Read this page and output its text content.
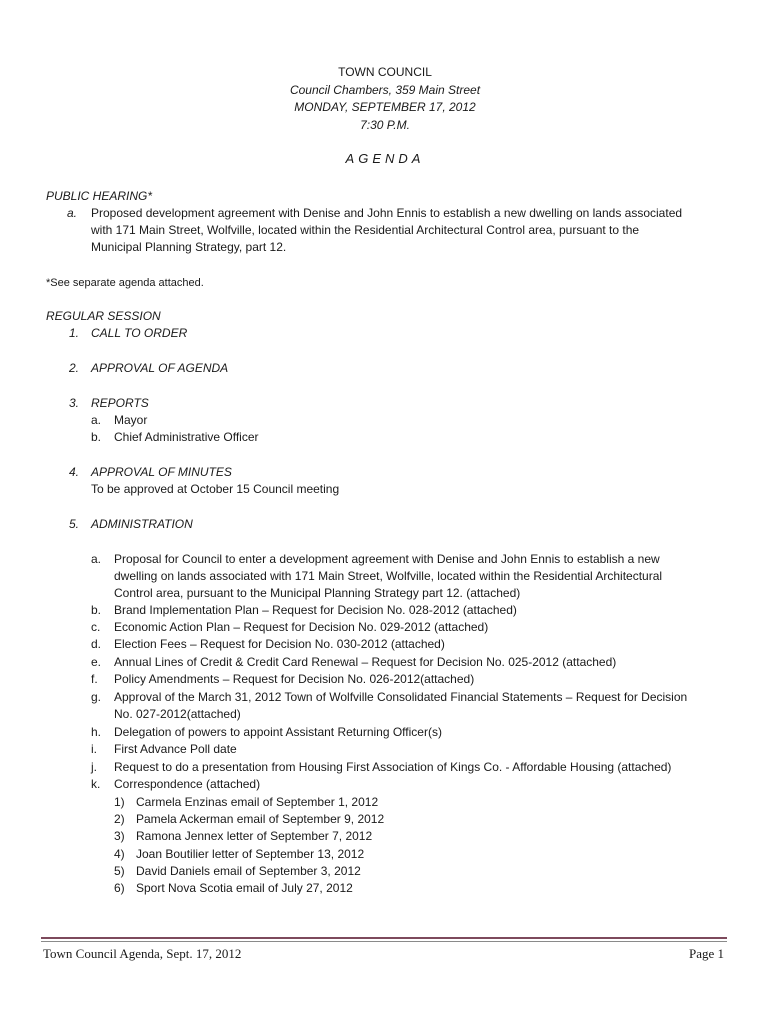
TOWN COUNCIL
Council Chambers, 359 Main Street
MONDAY, SEPTEMBER 17, 2012
7:30 P.M.
AGENDA
PUBLIC HEARING*
a. Proposed development agreement with Denise and John Ennis to establish a new dwelling on lands associated
with 171 Main Street, Wolfville, located within the Residential Architectural Control area, pursuant to the
Municipal Planning Strategy, part 12.
*See separate agenda attached.
REGULAR SESSION
1. CALL TO ORDER
2. APPROVAL OF AGENDA
3. REPORTS
a. Mayor
b. Chief Administrative Officer
4. APPROVAL OF MINUTES
To be approved at October 15 Council meeting
5. ADMINISTRATION
a. Proposal for Council to enter a development agreement with Denise and John Ennis to establish a new
dwelling on lands associated with 171 Main Street, Wolfville, located within the Residential Architectural
Control area, pursuant to the Municipal Planning Strategy part 12. (attached)
b. Brand Implementation Plan – Request for Decision No. 028-2012 (attached)
c. Economic Action Plan – Request for Decision No. 029-2012 (attached)
d. Election Fees – Request for Decision No. 030-2012 (attached)
e. Annual Lines of Credit & Credit Card Renewal – Request for Decision No. 025-2012 (attached)
f. Policy Amendments – Request for Decision No. 026-2012(attached)
g. Approval of the March 31, 2012 Town of Wolfville Consolidated Financial Statements – Request for Decision
No. 027-2012(attached)
h. Delegation of powers to appoint Assistant Returning Officer(s)
i. First Advance Poll date
j. Request to do a presentation from Housing First Association of Kings Co. - Affordable Housing (attached)
k. Correspondence (attached)
1) Carmela Enzinas email of September 1, 2012
2) Pamela Ackerman email of September 9, 2012
3) Ramona Jennex letter of September 7, 2012
4) Joan Boutilier letter of September 13, 2012
5) David Daniels email of September 3, 2012
6) Sport Nova Scotia email of July 27, 2012
Town Council Agenda, Sept. 17, 2012	Page 1
